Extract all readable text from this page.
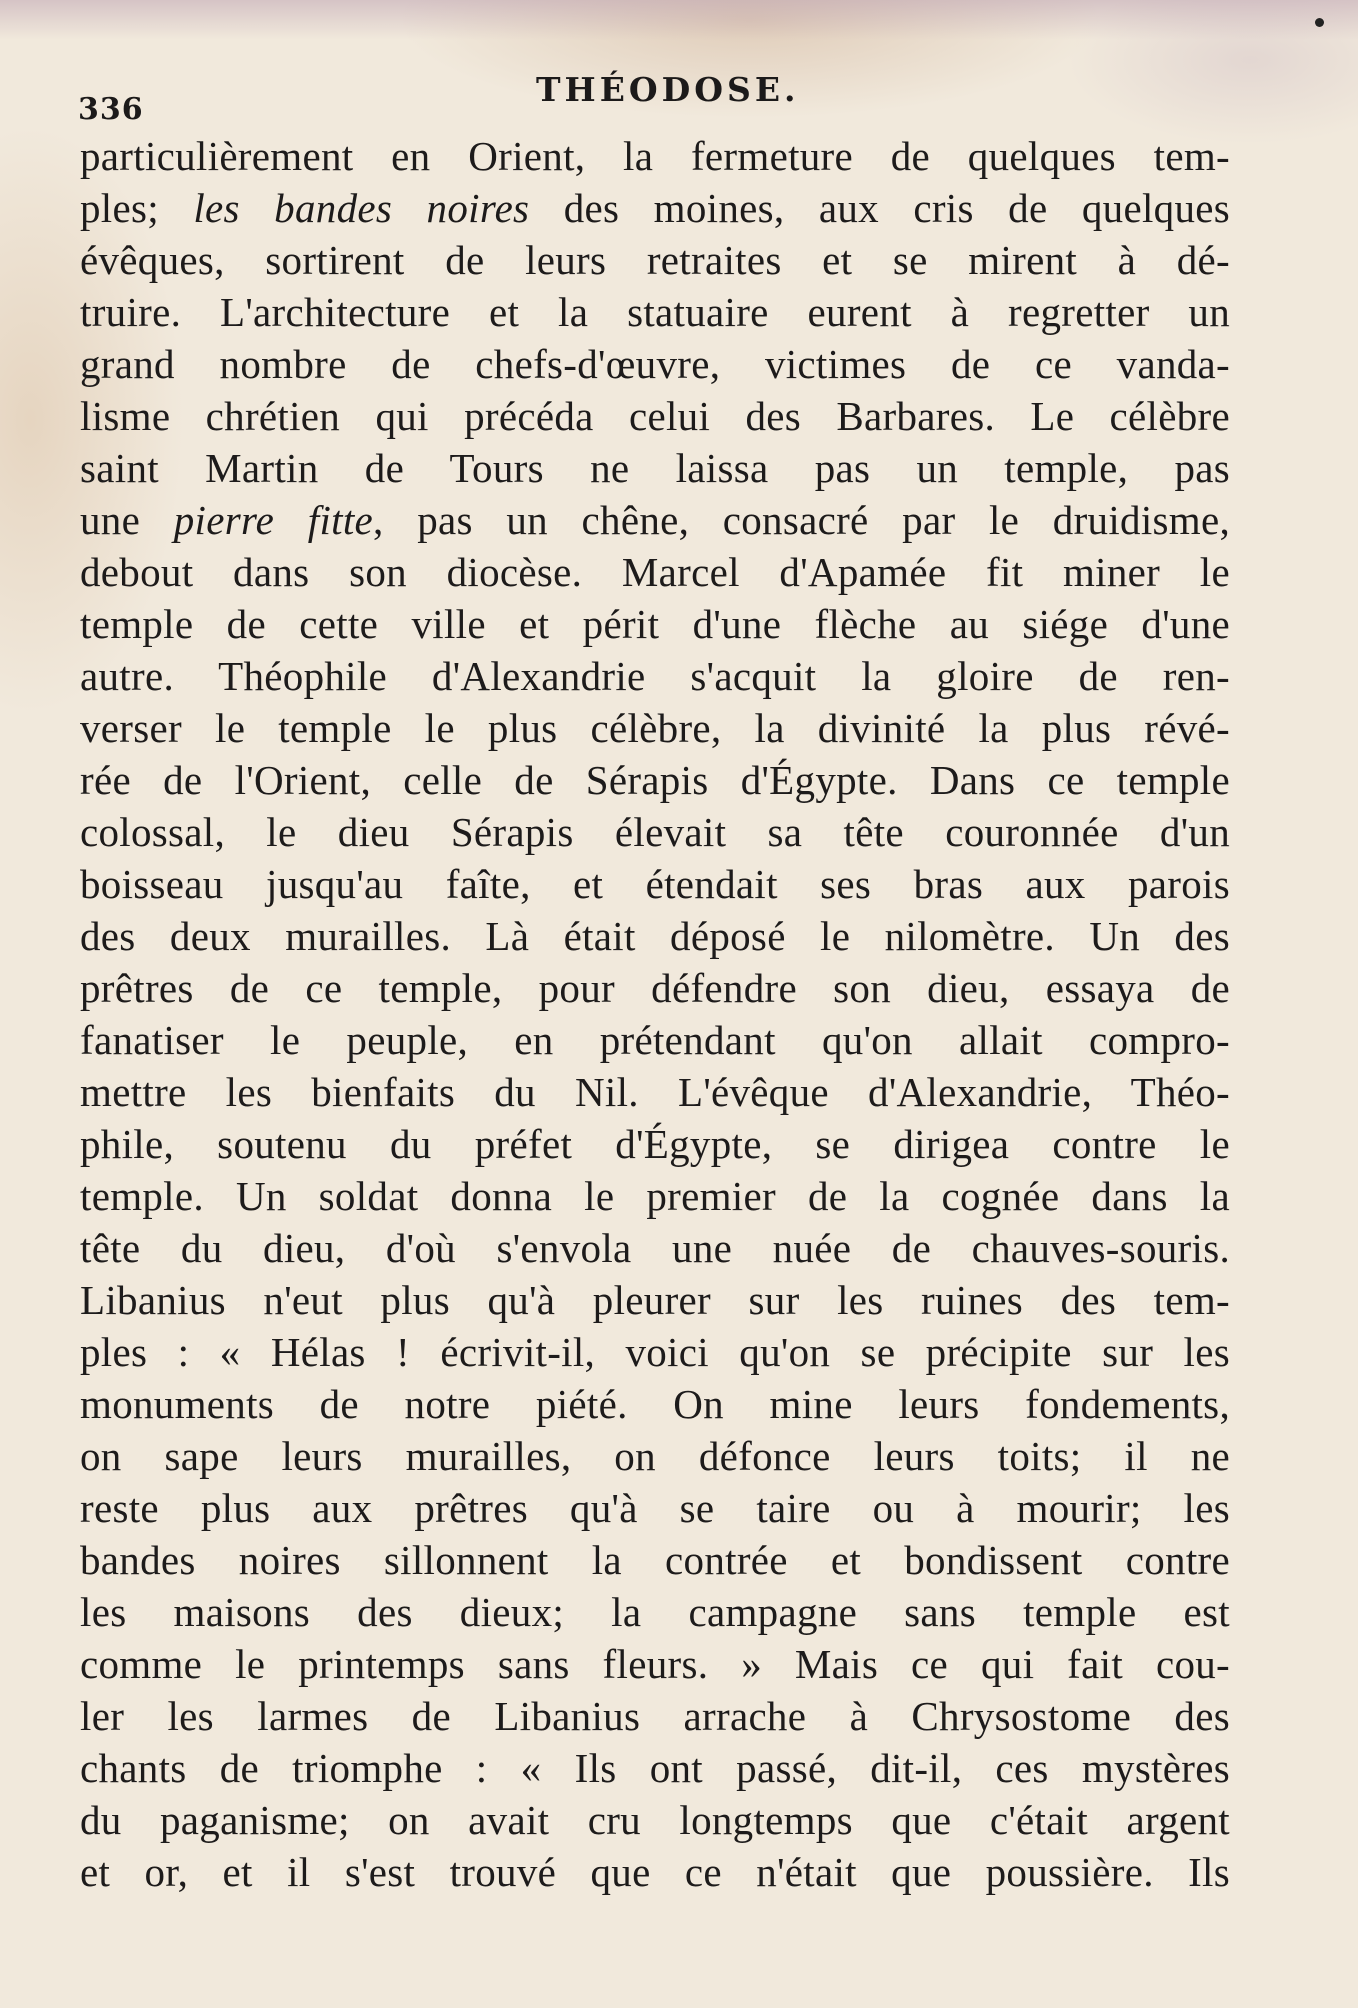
336
THÉODOSE.
particulièrement en Orient, la fermeture de quelques tem-
ples; les bandes noires des moines, aux cris de quelques
évêques, sortirent de leurs retraites et se mirent à dé-
truire. L'architecture et la statuaire eurent à regretter un
grand nombre de chefs-d'œuvre, victimes de ce vanda-
lisme chrétien qui précéda celui des Barbares. Le célèbre
saint Martin de Tours ne laissa pas un temple, pas
une pierre fitte, pas un chêne, consacré par le druidisme,
debout dans son diocèse. Marcel d'Apamée fit miner le
temple de cette ville et périt d'une flèche au siége d'une
autre. Théophile d'Alexandrie s'acquit la gloire de ren-
verser le temple le plus célèbre, la divinité la plus révé-
rée de l'Orient, celle de Sérapis d'Égypte. Dans ce temple
colossal, le dieu Sérapis élevait sa tête couronnée d'un
boisseau jusqu'au faîte, et étendait ses bras aux parois
des deux murailles. Là était déposé le nilomètre. Un des
prêtres de ce temple, pour défendre son dieu, essaya de
fanatiser le peuple, en prétendant qu'on allait compro-
mettre les bienfaits du Nil. L'évêque d'Alexandrie, Théo-
phile, soutenu du préfet d'Égypte, se dirigea contre le
temple. Un soldat donna le premier de la cognée dans la
tête du dieu, d'où s'envola une nuée de chauves-souris.
Libanius n'eut plus qu'à pleurer sur les ruines des tem-
ples : « Hélas ! écrivit-il, voici qu'on se précipite sur les
monuments de notre piété. On mine leurs fondements,
on sape leurs murailles, on défonce leurs toits; il ne
reste plus aux prêtres qu'à se taire ou à mourir; les
bandes noires sillonnent la contrée et bondissent contre
les maisons des dieux; la campagne sans temple est
comme le printemps sans fleurs. » Mais ce qui fait cou-
ler les larmes de Libanius arrache à Chrysostome des
chants de triomphe : « Ils ont passé, dit-il, ces mystères
du paganisme; on avait cru longtemps que c'était argent
et or, et il s'est trouvé que ce n'était que poussière. Ils
